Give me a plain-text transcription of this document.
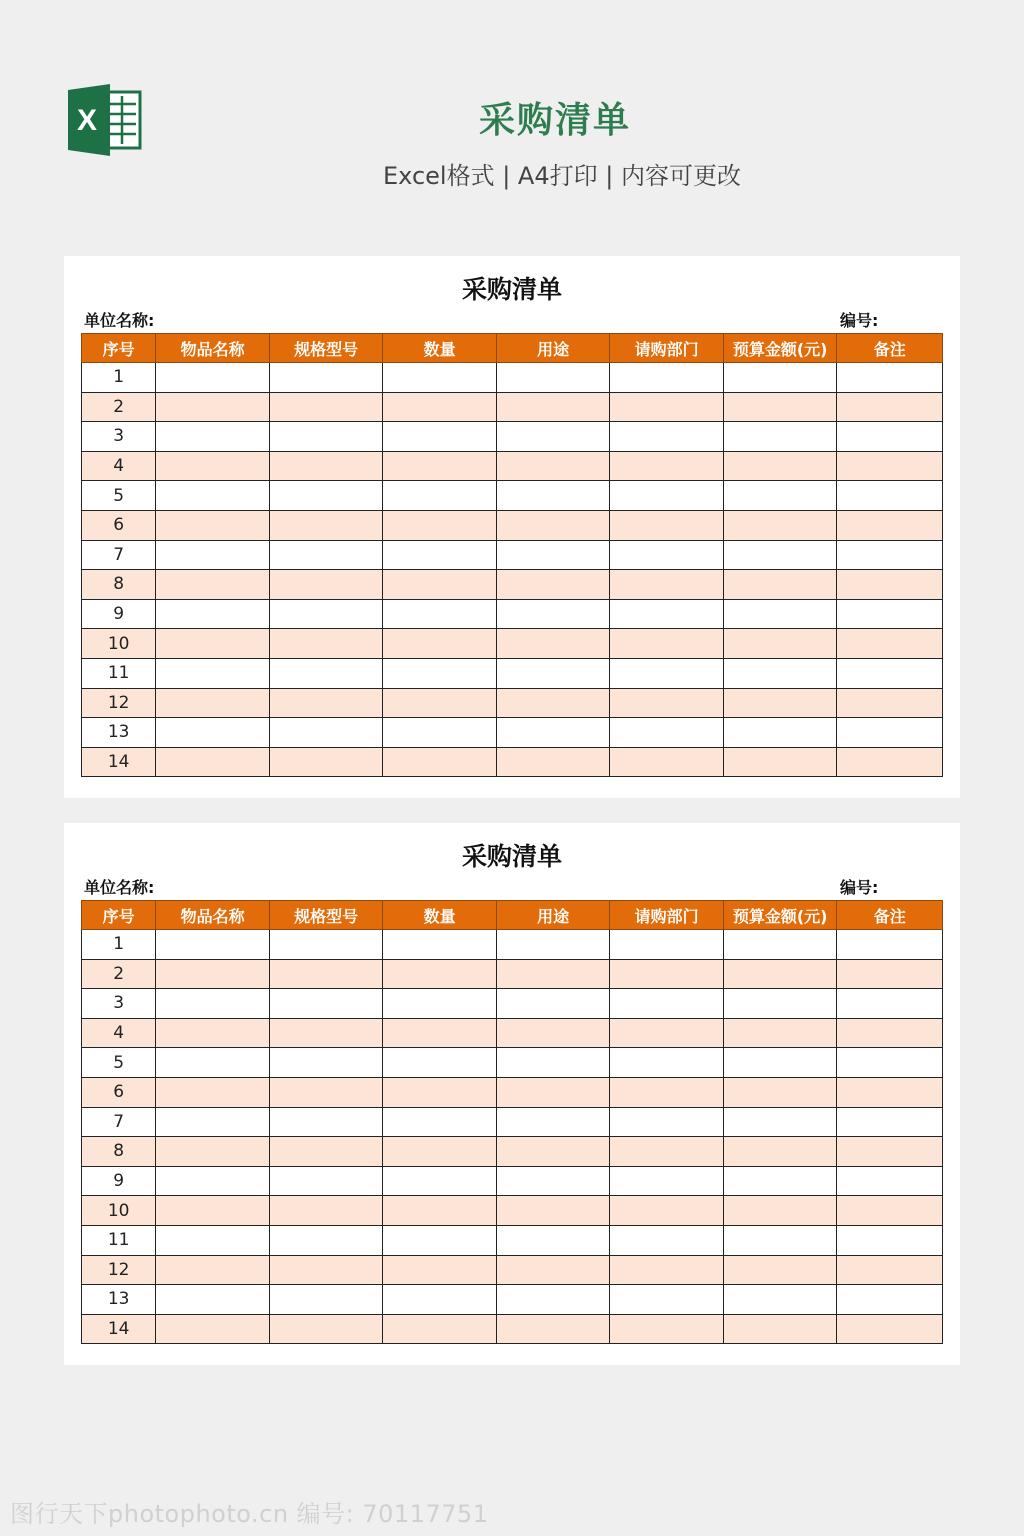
X	采购清单
Excel格式 | A4打印 | 内容可更改
采购清单
单位名称:	编号:
序号	物品名称	规格型号	数量	用途	请购部门	预算金额(元)	备注
1							
2							
3							
4							
5							
6							
7							
8							
9							
10							
11							
12							
13							
14							
采购清单
单位名称:	编号:
序号	物品名称	规格型号	数量	用途	请购部门	预算金额(元)	备注
1							
2							
3							
4							
5							
6							
7							
8							
9							
10							
11							
12							
13							
14							
图行天下photophoto.cn 编号: 70117751
